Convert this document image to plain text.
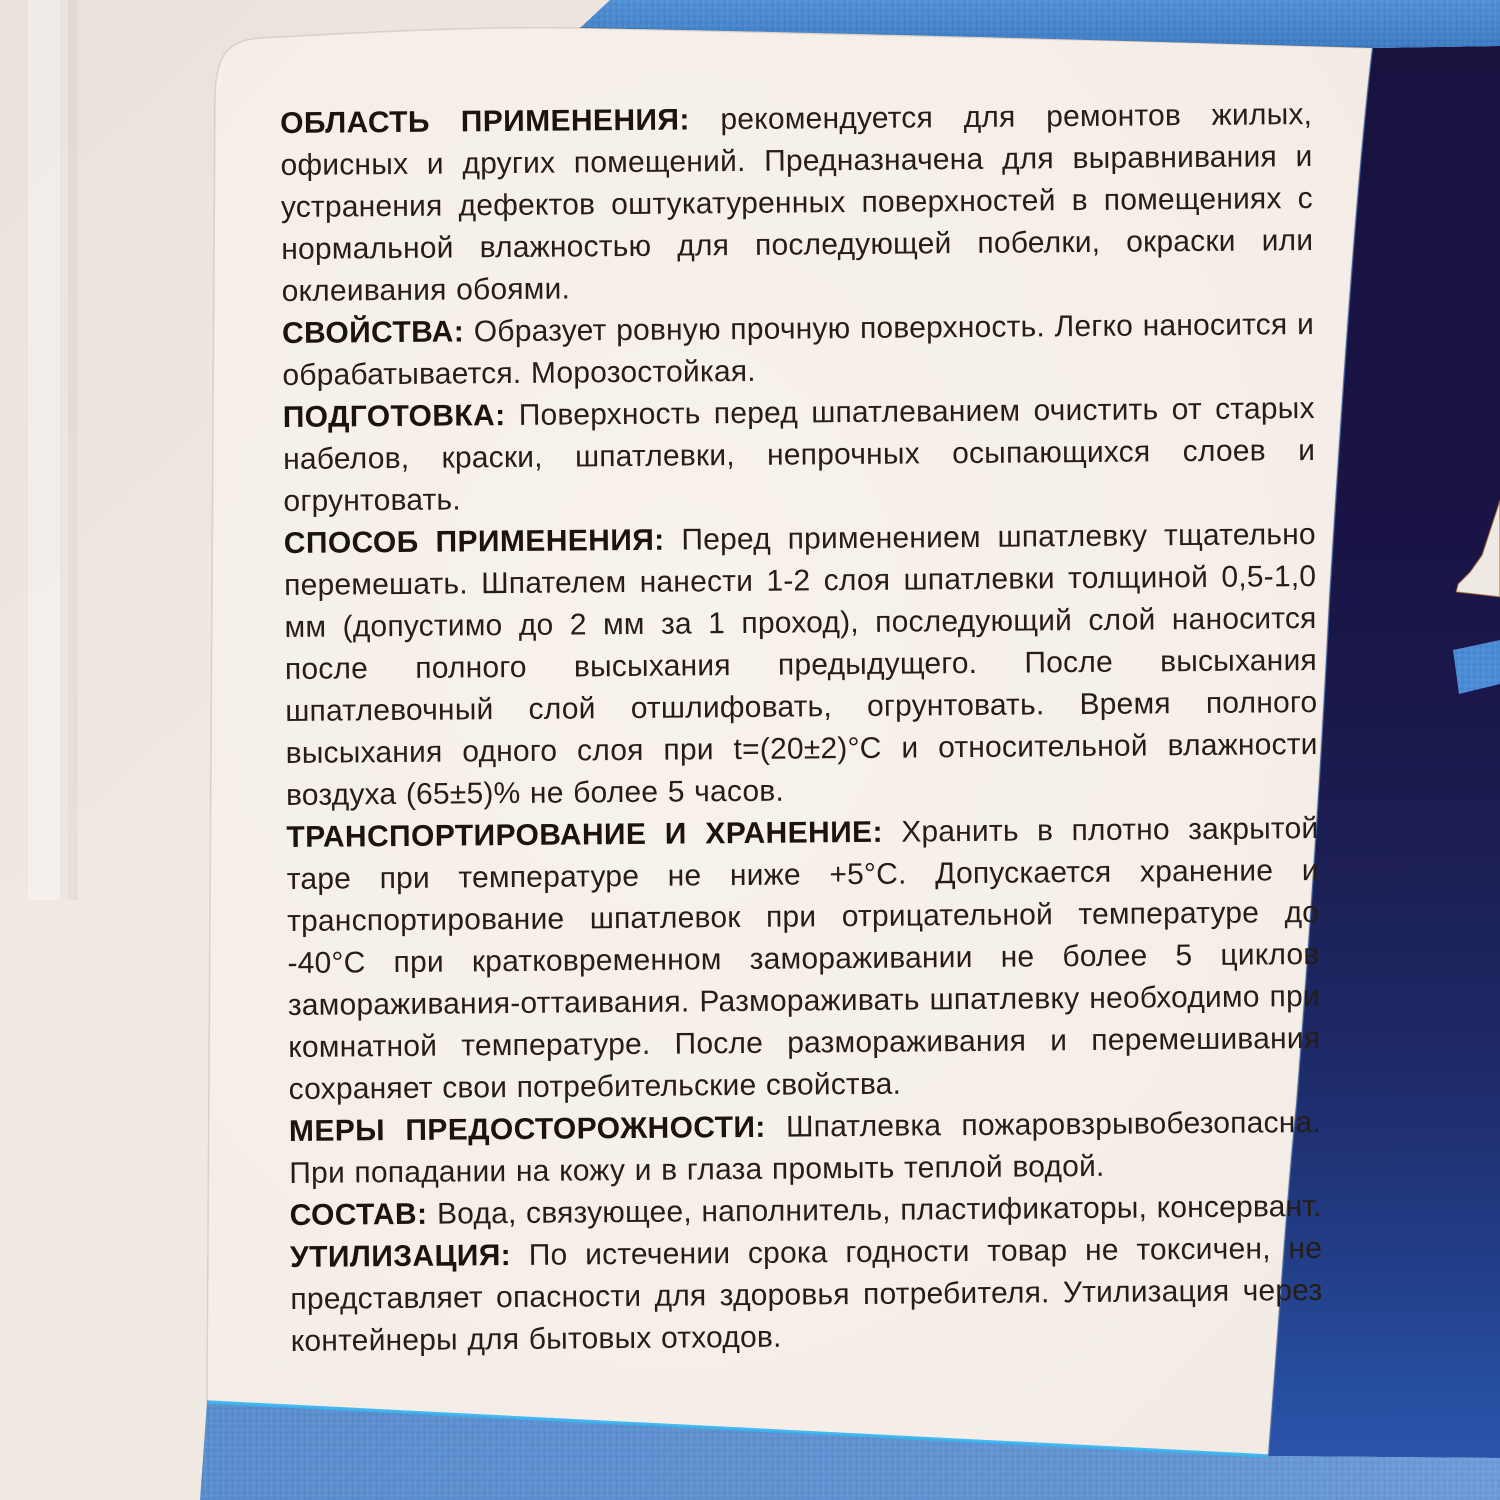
ОБЛАСТЬ ПРИМЕНЕНИЯ: рекомендуется для ремонтов жилых, офисных и других помещений. Предназначена для выравнивания и устранения дефектов оштукатуренных поверхностей в помещениях с нормальной влажностью для последующей побелки, окраски или оклеивания обоями.

СВОЙСТВА: Образует ровную прочную поверхность. Легко наносится и обрабатывается. Морозостойкая.

ПОДГОТОВКА: Поверхность перед шпатлеванием очистить от старых набелов, краски, шпатлевки, непрочных осыпающихся слоев и огрунтовать.

СПОСОБ ПРИМЕНЕНИЯ: Перед применением шпатлевку тщательно перемешать. Шпателем нанести 1-2 слоя шпатлевки толщиной 0,5-1,0 мм (допустимо до 2 мм за 1 проход), последующий слой наносится после полного высыхания предыдущего. После высыхания шпатлевочный слой отшлифовать, огрунтовать. Время полного высыхания одного слоя при t=(20±2)°С и относительной влажности воздуха (65±5)% не более 5 часов.

ТРАНСПОРТИРОВАНИЕ И ХРАНЕНИЕ: Хранить в плотно закрытой таре при температуре не ниже +5°С. Допускается хранение и транспортирование шпатлевок при отрицательной температуре до -40°С при кратковременном замораживании не более 5 циклов замораживания-оттаивания. Размораживать шпатлевку необходимо при комнатной температуре. После размораживания и перемешивания сохраняет свои потребительские свойства.

МЕРЫ ПРЕДОСТОРОЖНОСТИ: Шпатлевка пожаровзрывобезопасна. При попадании на кожу и в глаза промыть теплой водой.

СОСТАВ: Вода, связующее, наполнитель, пластификаторы, консервант.

УТИЛИЗАЦИЯ: По истечении срока годности товар не токсичен, не представляет опасности для здоровья потребителя. Утилизация через контейнеры для бытовых отходов.
